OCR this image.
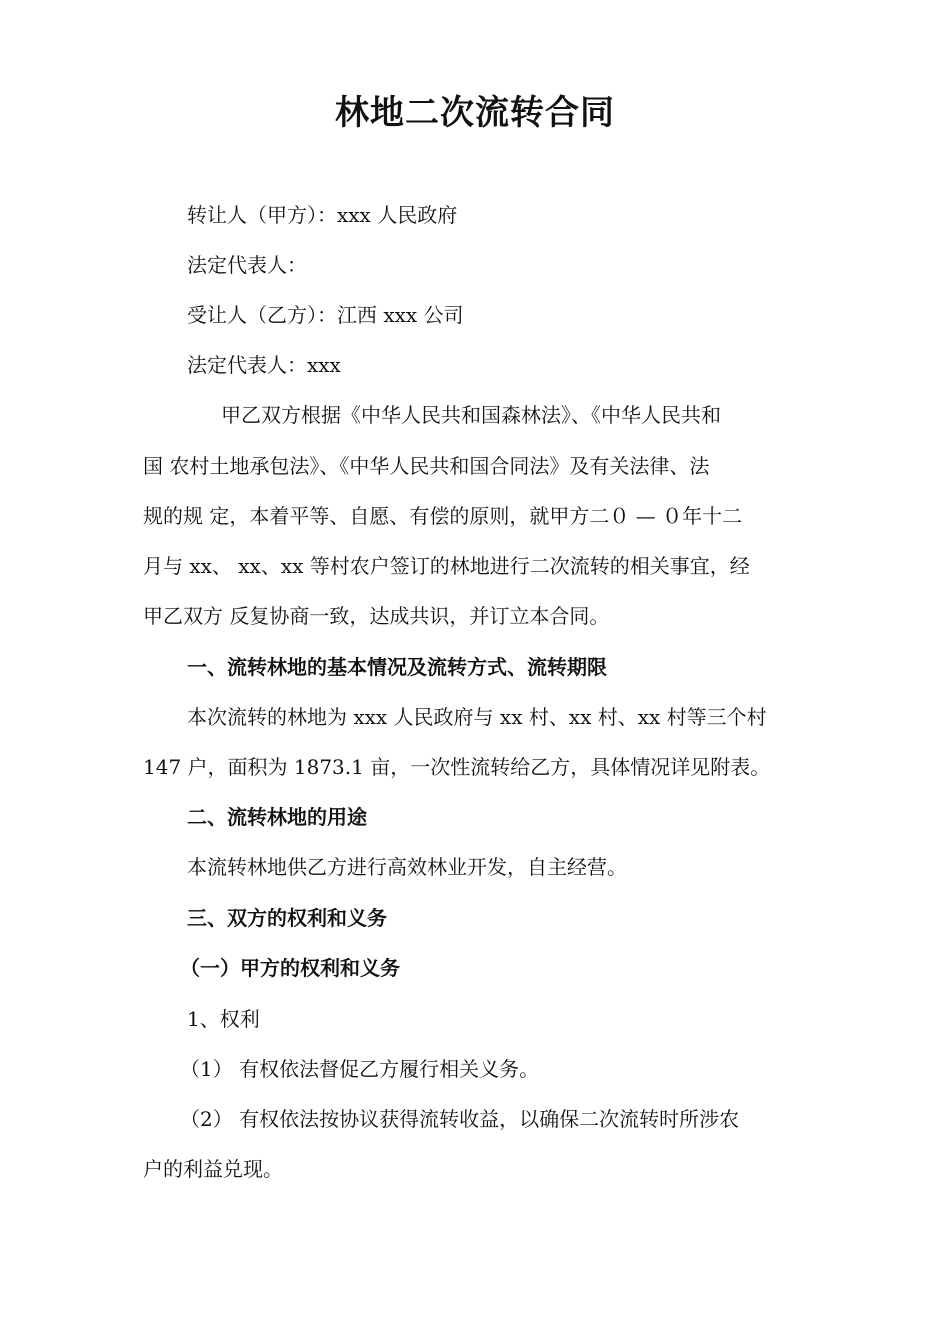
林地二次流转合同
转让人（甲方）：xxx 人民政府
法定代表人：
受让人（乙方）：江西 xxx 公司
法定代表人：xxx
甲乙双方根据《中华人民共和国森林法》、《中华人民共和
国 农村土地承包法》、《中华人民共和国合同法》及有关法律、法
规的规 定，本着平等、自愿、有偿的原则，就甲方二０ — ０年十二
月与 xx、 xx、xx 等村农户签订的林地进行二次流转的相关事宜，经
甲乙双方 反复协商一致，达成共识，并订立本合同。
一、流转林地的基本情况及流转方式、流转期限
本次流转的林地为 xxx 人民政府与 xx 村、xx 村、xx 村等三个村
147 户，面积为 1873.1 亩，一次性流转给乙方，具体情况详见附表。
二、流转林地的用途
本流转林地供乙方进行高效林业开发，自主经营。
三、双方的权利和义务
（一）甲方的权利和义务
1、权利
（1） 有权依法督促乙方履行相关义务。
（2） 有权依法按协议获得流转收益，以确保二次流转时所涉农
户的利益兑现。
